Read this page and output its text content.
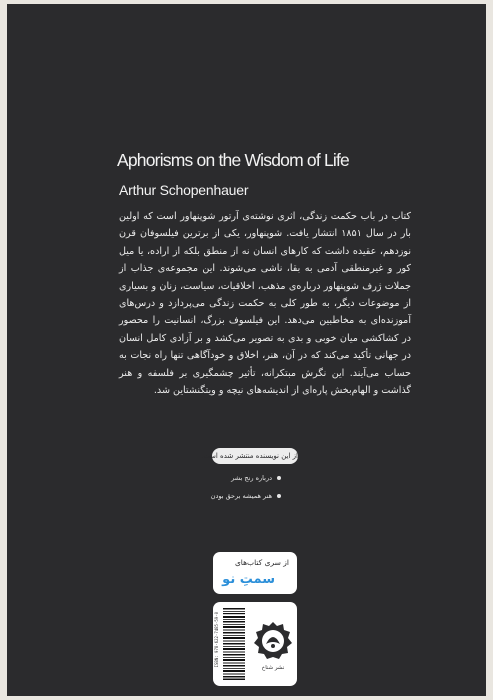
Aphorisms on the Wisdom of Life
Arthur Schopenhauer
کتاب در باب حکمت زندگی، اثری نوشته‌ی آرتور شوپنهاور است که اولین بار در سال ۱۸۵۱ انتشار یافت. شوپنهاور، یکی از برترین فیلسوفان قرن نوزدهم، عقیده داشت که کارهای انسان نه از منطق بلکه از اراده، یا میل کور و غیرمنطقی آدمی به بقا، ناشی می‌شوند. این مجموعه‌ی جذاب از جملات ژرف شوپنهاور درباره‌ی مذهب، اخلاقیات، سیاست، زنان و بسیاری از موضوعات دیگر، به طور کلی به حکمت زندگی می‌پردازد و درس‌های آموزنده‌ای به مخاطبین می‌دهد. این فیلسوف بزرگ، انسانیت را محصور در کشاکشی میان خوبی و بدی به تصویر می‌کشد و بر آزادی کامل انسان در جهانی تأکید می‌کند که در آن، هنر، اخلاق و خودآگاهی تنها راه نجات به حساب می‌آیند. این نگرش مبتکرانه، تأثیر چشمگیری بر فلسفه و هنر گذاشت و الهام‌بخش پاره‌ای از اندیشه‌های نیچه و ویتگنشتاین شد.
از این نویسنده منتشر شده است:
درباره رنج بشر
هنر همیشه برحق بودن
از سری کتاب‌های
سمتِ نو
ISBN: 978-622-7485-59-0
نشر شناخ
